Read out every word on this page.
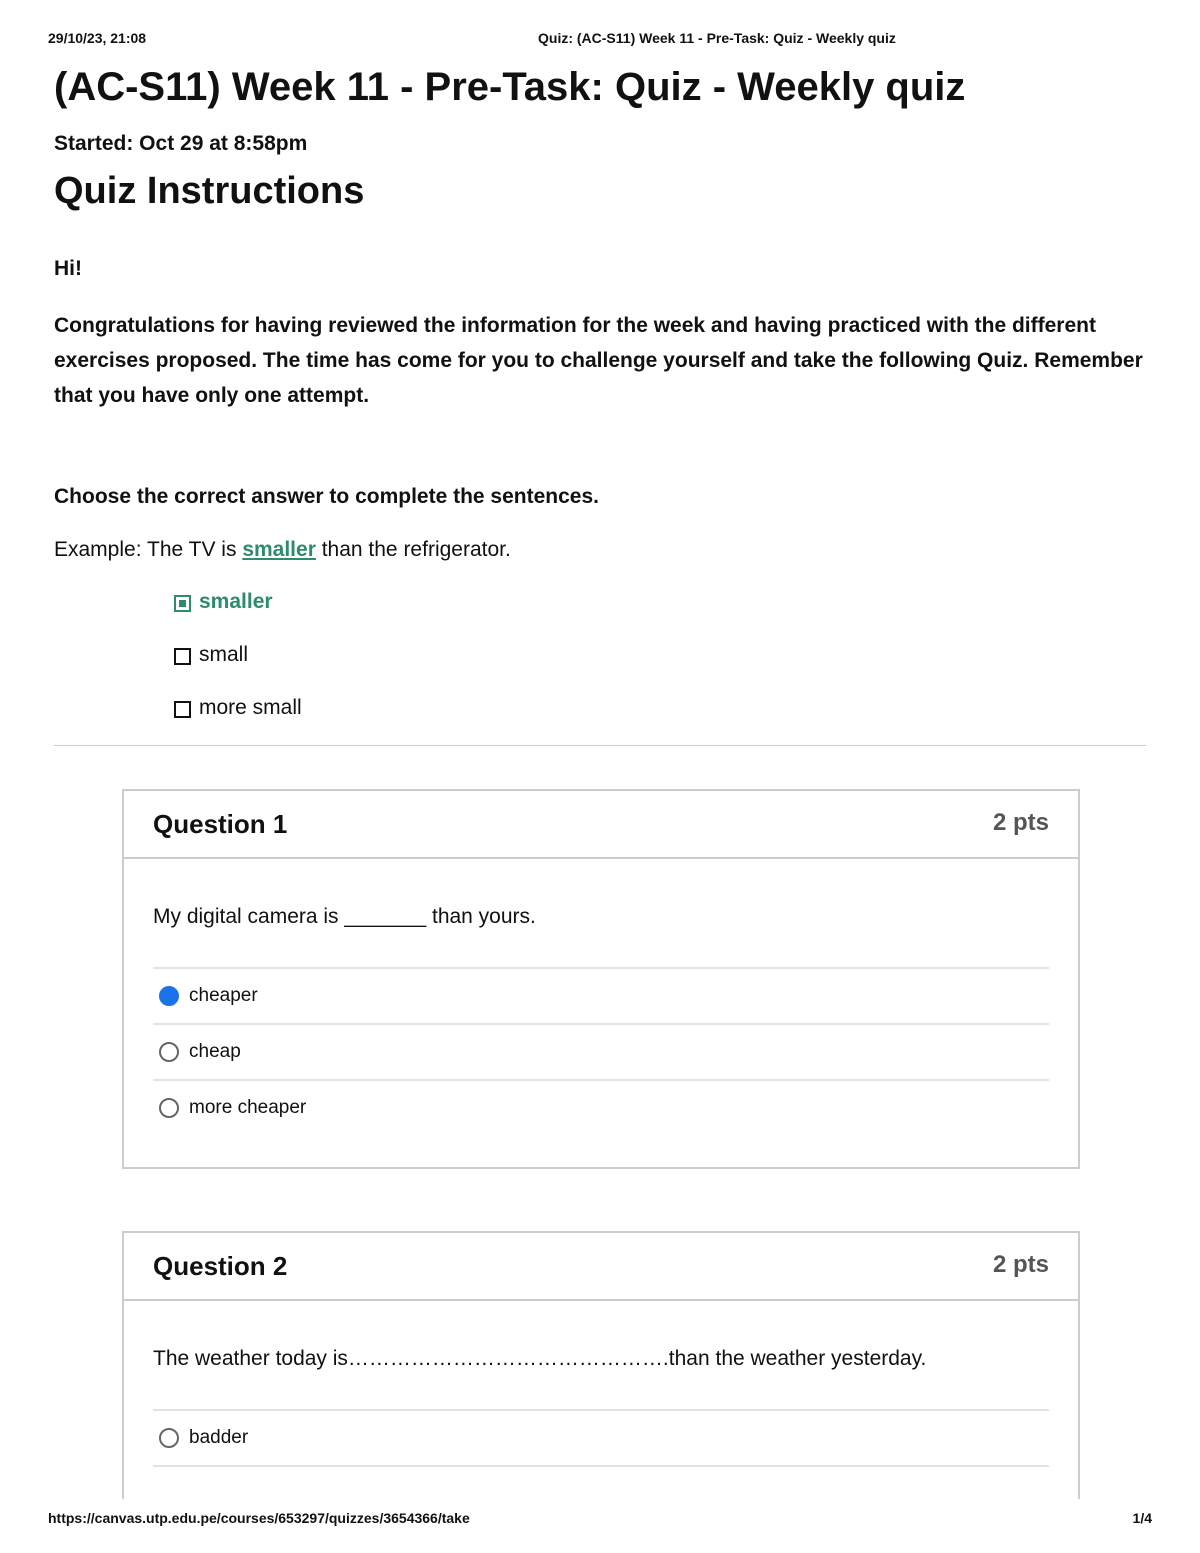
29/10/23, 21:08	Quiz: (AC-S11) Week 11 - Pre-Task: Quiz - Weekly quiz
(AC-S11) Week 11 - Pre-Task: Quiz - Weekly quiz
Started: Oct 29 at 8:58pm
Quiz Instructions
Hi!
Congratulations for having reviewed the information for the week and having practiced with the different exercises proposed. The time has come for you to challenge yourself and take the following Quiz. Remember that you have only one attempt.
Choose the correct answer to complete the sentences.
Example: The TV is smaller than the refrigerator.
smaller
small
more small
Question 1	2 pts
My digital camera is _______ than yours.
cheaper
cheap
more cheaper
Question 2	2 pts
The weather today is……………………………………….than the weather yesterday.
badder
https://canvas.utp.edu.pe/courses/653297/quizzes/3654366/take	1/4
